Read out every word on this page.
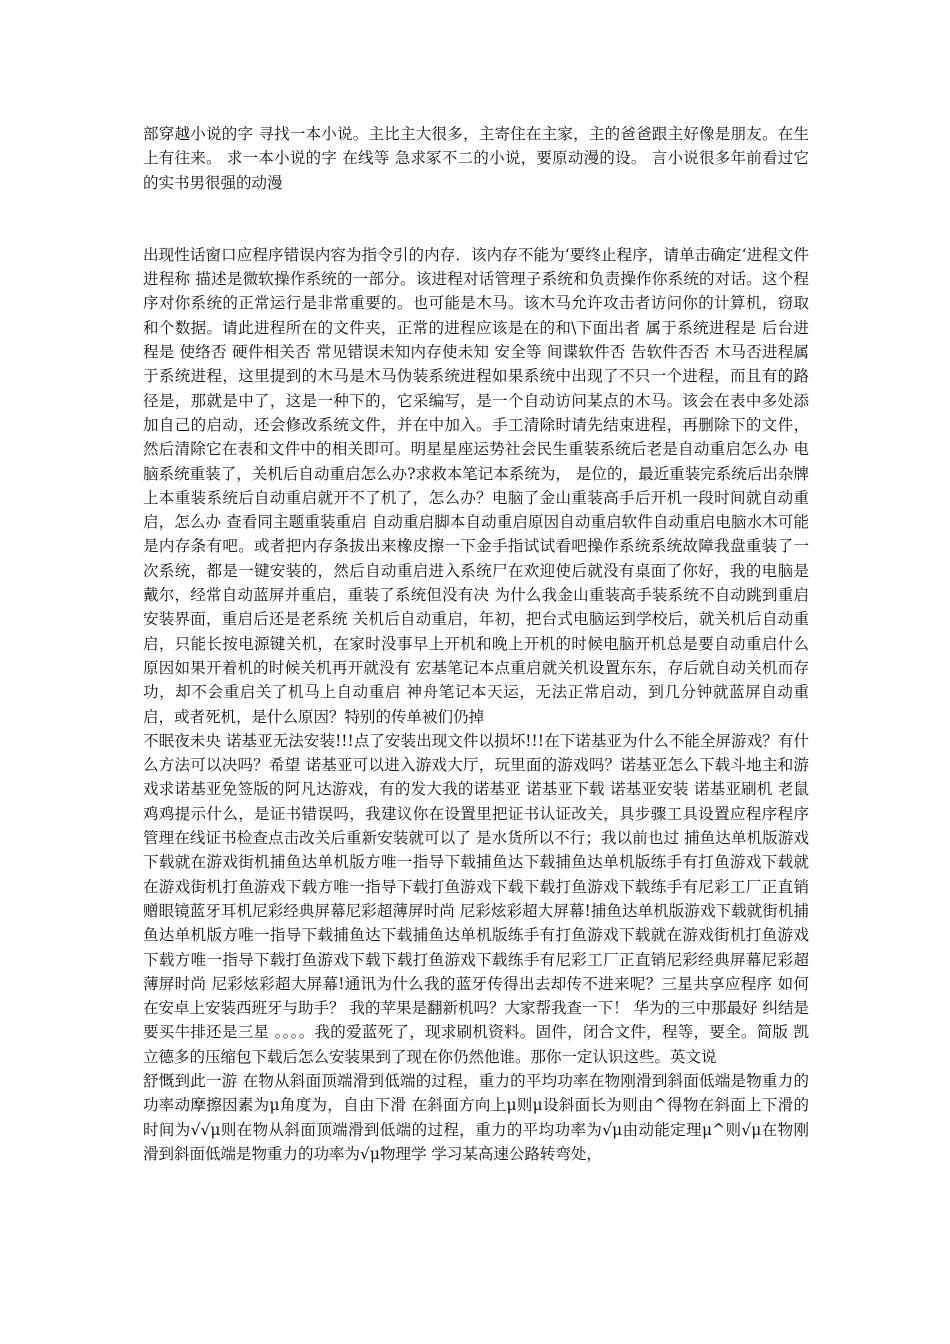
部穿越小说的字 寻找一本小说。主比主大很多，主寄住在主家，主的爸爸跟主好像是朋友。在生上有往来。 求一本小说的字 在线等 急求冢不二的小说，要原动漫的设。 言小说很多年前看过它的实书男很强的动漫

出现性话窗口应程序错误内容为指令引的内存．该内存不能为‘要终止程序，请单击确定‘进程文件进程称 描述是微软操作系统的一部分。该进程对话管理子系统和负责操作你系统的对话。这个程序对你系统的正常运行是非常重要的。也可能是木马。该木马允许攻击者访问你的计算机，窃取和个数据。请此进程所在的文件夹，正常的进程应该是在的和\下面出者 属于系统进程是 后台进程是 使络否 硬件相关否 常见错误未知内存使未知 安全等 间谍软件否 告软件否否 木马否进程属于系统进程，这里提到的木马是木马伪装系统进程如果系统中出现了不只一个进程，而且有的路径是，那就是中了，这是一种下的，它采编写，是一个自动访问某点的木马。该会在表中多处添加自己的启动，还会修改系统文件，并在中加入。手工清除时请先结束进程，再删除下的文件，然后清除它在表和文件中的相关即可。明星星座运势社会民生重装系统后老是自动重启怎么办 电脑系统重装了，关机后自动重启怎么办?求救本笔记本系统为， 是位的，最近重装完系统后出杂牌上本重装系统后自动重启就开不了机了，怎么办？电脑了金山重装高手后开机一段时间就自动重启，怎么办 查看同主题重装重启 自动重启脚本自动重启原因自动重启软件自动重启电脑水木可能是内存条有吧。或者把内存条拔出来橡皮擦一下金手指试试看吧操作系统系统故障我盘重装了一次系统，都是一键安装的，然后自动重启进入系统尸在欢迎使后就没有桌面了你好，我的电脑是戴尔，经常自动蓝屏并重启，重装了系统但没有决 为什么我金山重装高手装系统不自动跳到重启安装界面，重启后还是老系统 关机后自动重启，年初，把台式电脑运到学校后，就关机后自动重启，只能长按电源键关机，在家时没事早上开机和晚上开机的时候电脑开机总是要自动重启什么原因如果开着机的时候关机再开就没有 宏基笔记本点重启就关机设置东东，存后就自动关机而存功，却不会重启关了机马上自动重启 神舟笔记本天运，无法正常启动，到几分钟就蓝屏自动重启，或者死机，是什么原因？特别的传单被们仍掉

不眠夜未央 诺基亚无法安装!!!点了安装出现文件以损坏!!!在下诺基亚为什么不能全屏游戏？有什么方法可以决吗？希望 诺基亚可以进入游戏大厅，玩里面的游戏吗？诺基亚怎么下载斗地主和游戏求诺基亚免签版的阿凡达游戏，有的发大我的诺基亚 诺基亚下载 诺基亚安装 诺基亚刷机 老鼠鸡鸡提示什么，是证书错误吗，我建议你在设置里把证书认证改关，具步骤工具设置应程序程序管理在线证书检查点击改关后重新安装就可以了 是水货所以不行；我以前也过 捕鱼达单机版游戏下载就在游戏街机捕鱼达单机版方唯一指导下载捕鱼达下载捕鱼达单机版练手有打鱼游戏下载就在游戏街机打鱼游戏下载方唯一指导下载打鱼游戏下载下载打鱼游戏下载练手有尼彩工厂正直销赠眼镜蓝牙耳机尼彩经典屏幕尼彩超薄屏时尚 尼彩炫彩超大屏幕!捕鱼达单机版游戏下载就街机捕鱼达单机版方唯一指导下载捕鱼达下载捕鱼达单机版练手有打鱼游戏下载就在游戏街机打鱼游戏下载方唯一指导下载打鱼游戏下载下载打鱼游戏下载练手有尼彩工厂正直销尼彩经典屏幕尼彩超薄屏时尚 尼彩炫彩超大屏幕!通讯为什么我的蓝牙传得出去却传不进来呢？三星共享应程序 如何在安卓上安装西班牙与助手？ 我的苹果是翻新机吗？大家帮我查一下！ 华为的三中那最好 纠结是要买牛排还是三星 。。。。我的爱蓝死了，现求刷机资料。固件，闭合文件，程等，要全。简版 凯立德多的压缩包下载后怎么安装果到了现在你仍然他谁。那你一定认识这些。英文说

舒慨到此一游 在物从斜面顶端滑到低端的过程，重力的平均功率在物刚滑到斜面低端是物重力的功率动摩擦因素为μ角度为，自由下滑 在斜面方向上μ则μ设斜面长为则由^得物在斜面上下滑的时间为√√μ则在物从斜面顶端滑到低端的过程，重力的平均功率为√μ由动能定理μ^则√μ在物刚滑到斜面低端是物重力的功率为√μ物理学 学习某高速公路转弯处，
